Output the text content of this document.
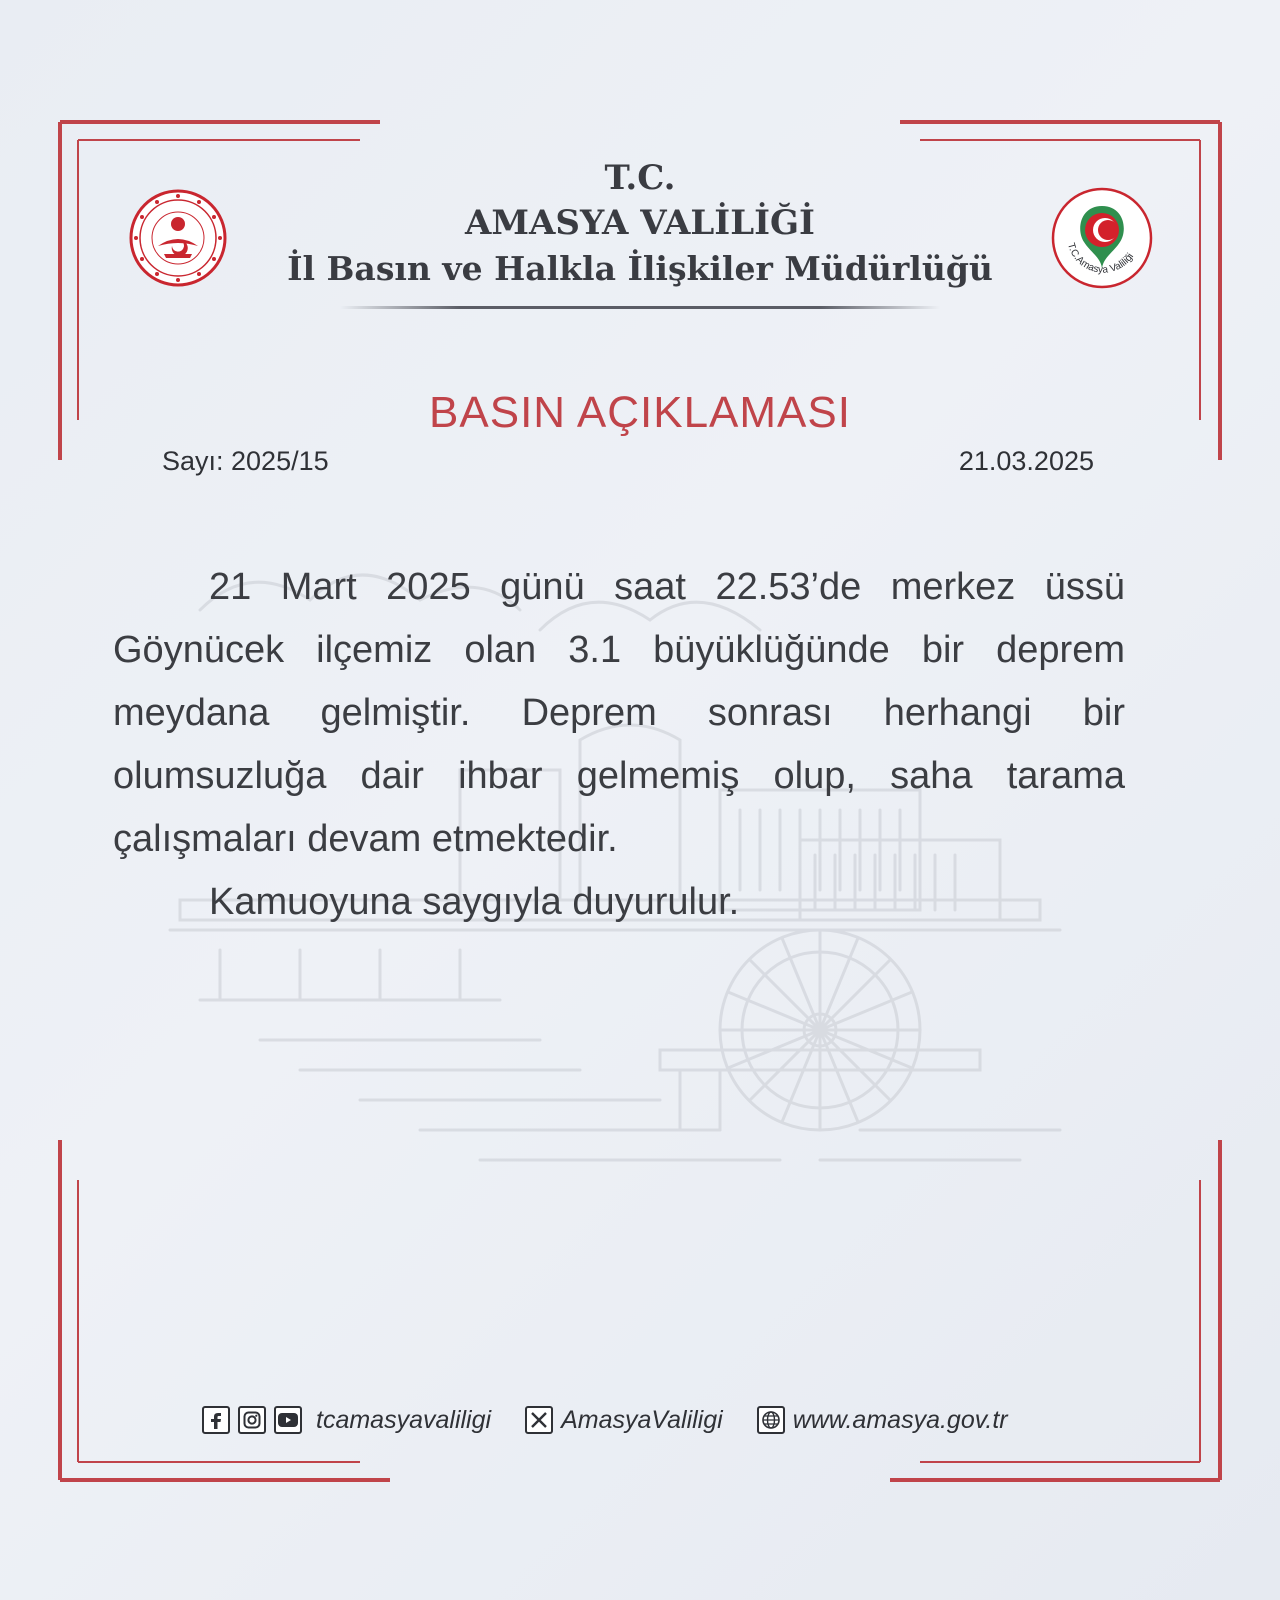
T.C.Amasya Valiliği
T.C.
AMASYA VALİLİĞİ
İl Basın ve Halkla İlişkiler Müdürlüğü
BASIN AÇIKLAMASI
Sayı: 2025/15	21.03.2025

21 Mart 2025 günü saat 22.53’de merkez üssü Göynücek ilçemiz olan 3.1 büyüklüğünde bir deprem meydana gelmiştir. Deprem sonrası herhangi bir olumsuzluğa dair ihbar gelmemiş olup, saha tarama çalışmaları devam etmektedir.

Kamuoyuna saygıyla duyurulur.

tcamasyavaliligi	AmasyaValiligi	www.amasya.gov.tr
